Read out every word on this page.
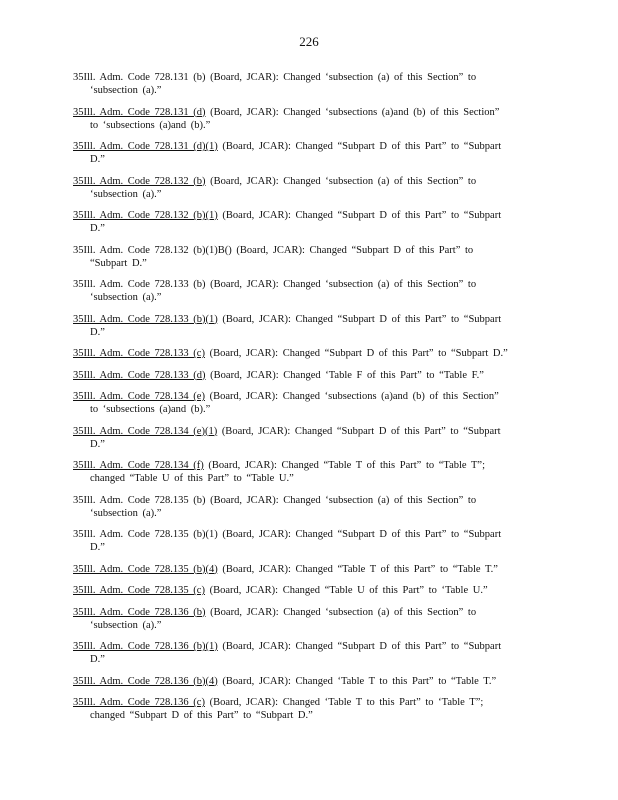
226
35Ill. Adm. Code 728.131 (b) (Board, JCAR): Changed ‘subsection (a) of this Section” to
‘subsection (a).”
35Ill. Adm. Code 728.131 (d) (Board, JCAR): Changed ‘subsections (a)and (b) of this Section”
to ‘subsections (a)and (b).”
35Ill. Adm. Code 728.131 (d)(1) (Board, JCAR): Changed “Subpart D of this Part” to “Subpart
D.”
35Ill. Adm. Code 728.132 (b) (Board, JCAR): Changed ‘subsection (a) of this Section” to
‘subsection (a).”
35Ill. Adm. Code 728.132 (b)(1) (Board, JCAR): Changed “Subpart D of this Part” to “Subpart
D.”
35Ill. Adm. Code 728.132 (b)(1)B() (Board, JCAR): Changed “Subpart D of this Part” to
“Subpart D.”
35Ill. Adm. Code 728.133 (b) (Board, JCAR): Changed ‘subsection (a) of this Section” to
‘subsection (a).”
35Ill. Adm. Code 728.133 (b)(1) (Board, JCAR): Changed “Subpart D of this Part” to “Subpart
D.”
35Ill. Adm. Code 728.133 (c) (Board, JCAR): Changed “Subpart D of this Part” to “Subpart D.”
35Ill. Adm. Code 728.133 (d) (Board, JCAR): Changed ‘Table F of this Part” to “Table F.”
35Ill. Adm. Code 728.134 (e) (Board, JCAR): Changed ‘subsections (a)and (b) of this Section”
to ‘subsections (a)and (b).”
35Ill. Adm. Code 728.134 (e)(1) (Board, JCAR): Changed “Subpart D of this Part” to “Subpart
D.”
35Ill. Adm. Code 728.134 (f) (Board, JCAR): Changed “Table T of this Part” to “Table T”;
changed “Table U of this Part” to “Table U.”
35Ill. Adm. Code 728.135 (b) (Board, JCAR): Changed ‘subsection (a) of this Section” to
‘subsection (a).”
35Ill. Adm. Code 728.135 (b)(1) (Board, JCAR): Changed “Subpart D of this Part” to “Subpart
D.”
35Ill. Adm. Code 728.135 (b)(4) (Board, JCAR): Changed “Table T of this Part” to “Table T.”
35Ill. Adm. Code 728.135 (c) (Board, JCAR): Changed “Table U of this Part” to ‘Table U.”
35Ill. Adm. Code 728.136 (b) (Board, JCAR): Changed ‘subsection (a) of this Section” to
‘subsection (a).”
35Ill. Adm. Code 728.136 (b)(1) (Board, JCAR): Changed “Subpart D of this Part” to “Subpart
D.”
35Ill. Adm. Code 728.136 (b)(4) (Board, JCAR): Changed ‘Table T to this Part” to “Table T.”
35Ill. Adm. Code 728.136 (c) (Board, JCAR): Changed ‘Table T to this Part” to ‘Table T”;
changed “Subpart D of this Part” to “Subpart D.”
